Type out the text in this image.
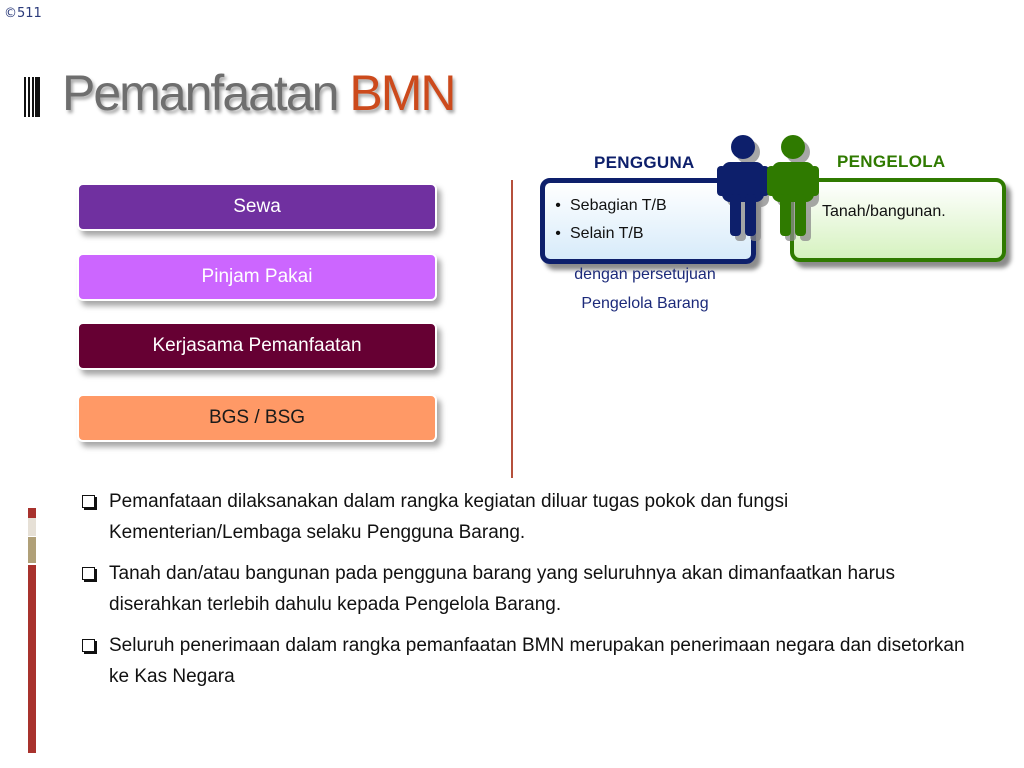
©511
Pemanfaatan BMN
Sewa
Pinjam Pakai
Kerjasama Pemanfaatan
BGS / BSG
PENGGUNA	PENGELOLA
• Sebagian T/B
• Selain T/B
Tanah/bangunan.
dengan persetujuan
Pengelola Barang
Pemanfataan dilaksanakan dalam rangka kegiatan diluar tugas pokok dan fungsi Kementerian/Lembaga selaku Pengguna Barang.
Tanah dan/atau bangunan pada pengguna barang yang seluruhnya akan dimanfaatkan harus diserahkan terlebih dahulu kepada Pengelola Barang.
Seluruh penerimaan dalam rangka pemanfaatan BMN merupakan penerimaan negara dan disetorkan ke Kas Negara
